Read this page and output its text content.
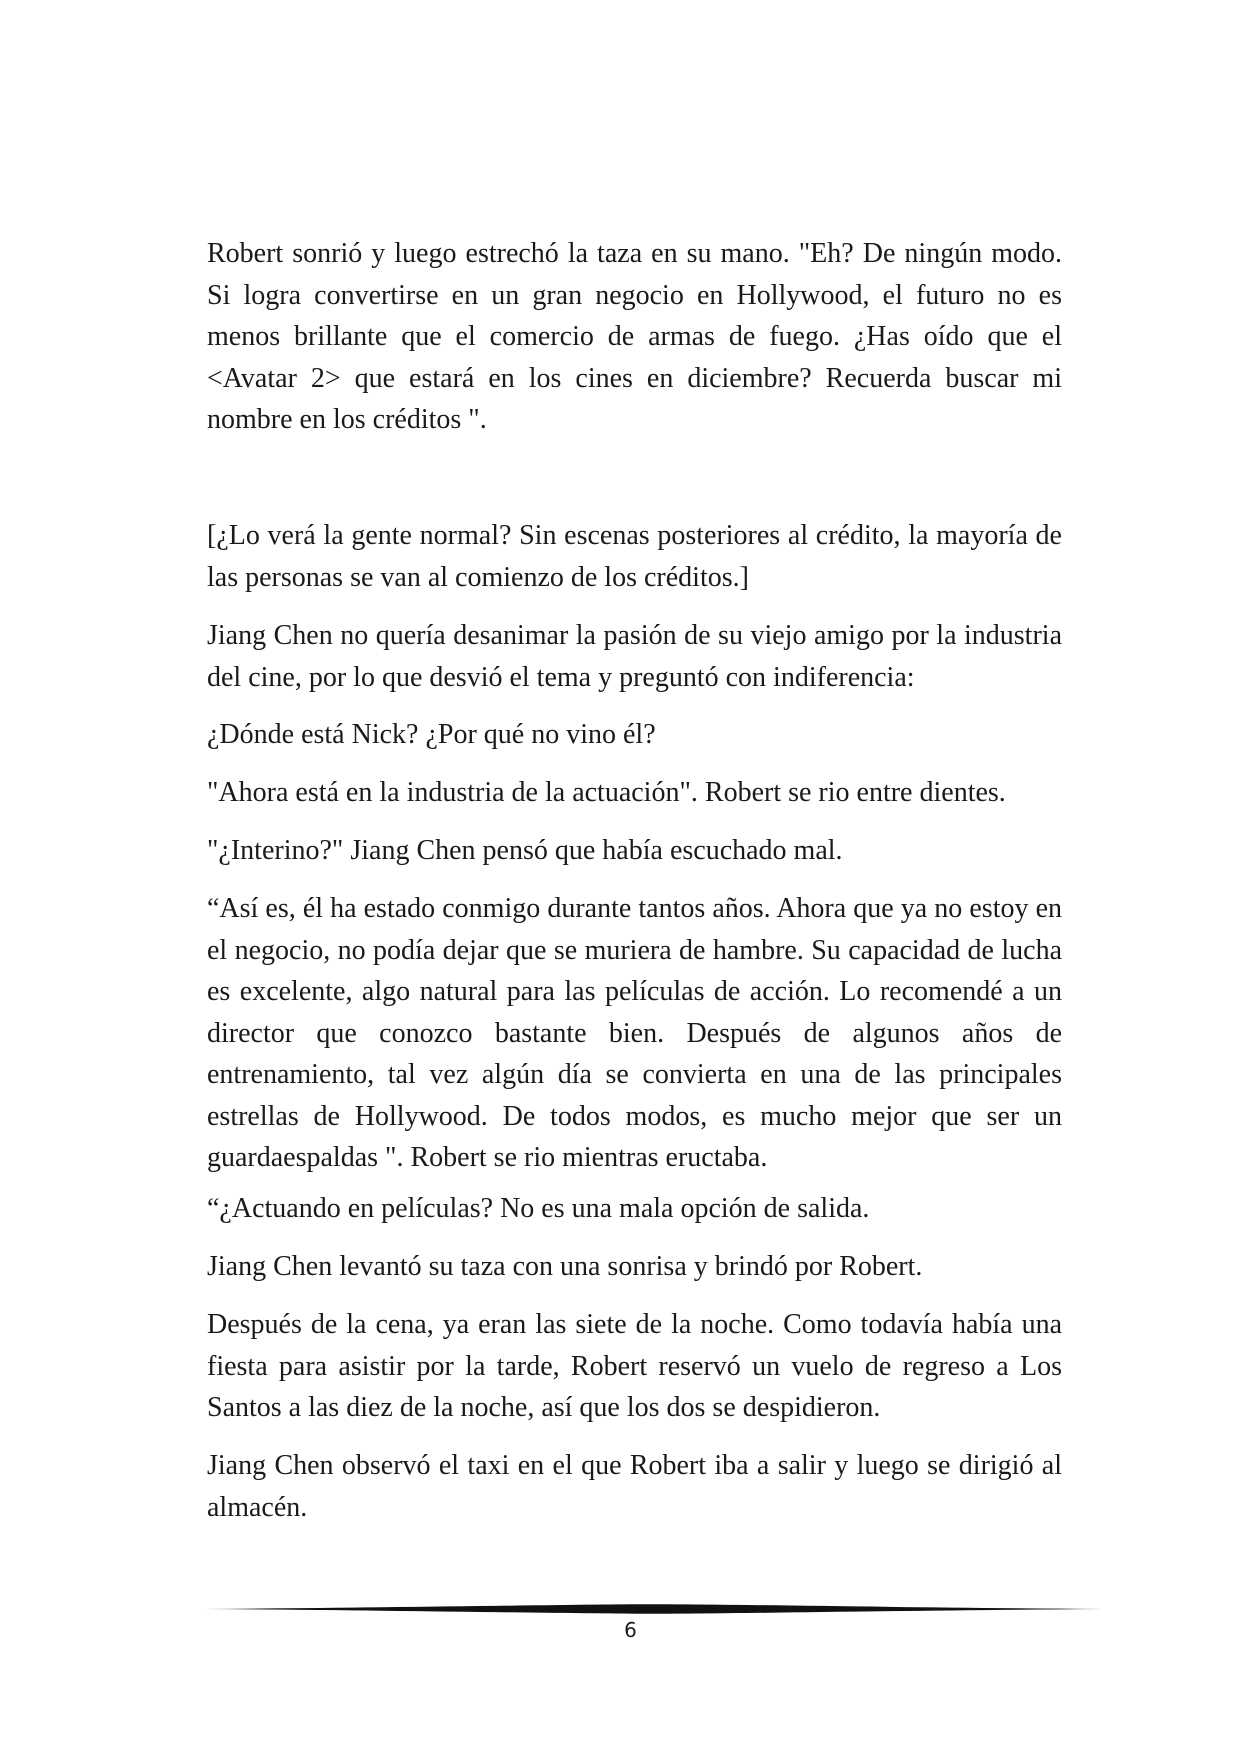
Robert sonrió y luego estrechó la taza en su mano. "Eh? De ningún modo. Si logra convertirse en un gran negocio en Hollywood, el futuro no es menos brillante que el comercio de armas de fuego. ¿Has oído que el <Avatar 2> que estará en los cines en diciembre? Recuerda buscar mi nombre en los créditos ".

[¿Lo verá la gente normal? Sin escenas posteriores al crédito, la mayoría de las personas se van al comienzo de los créditos.]

Jiang Chen no quería desanimar la pasión de su viejo amigo por la industria del cine, por lo que desvió el tema y preguntó con indiferencia:

¿Dónde está Nick? ¿Por qué no vino él?

"Ahora está en la industria de la actuación". Robert se rio entre dientes.

"¿Interino?" Jiang Chen pensó que había escuchado mal.

“Así es, él ha estado conmigo durante tantos años. Ahora que ya no estoy en el negocio, no podía dejar que se muriera de hambre. Su capacidad de lucha es excelente, algo natural para las películas de acción. Lo recomendé a un director que conozco bastante bien. Después de algunos años de entrenamiento, tal vez algún día se convierta en una de las principales estrellas de Hollywood. De todos modos, es mucho mejor que ser un guardaespaldas ". Robert se rio mientras eructaba.

“¿Actuando en películas? No es una mala opción de salida.

Jiang Chen levantó su taza con una sonrisa y brindó por Robert.

Después de la cena, ya eran las siete de la noche. Como todavía había una fiesta para asistir por la tarde, Robert reservó un vuelo de regreso a Los Santos a las diez de la noche, así que los dos se despidieron.

Jiang Chen observó el taxi en el que Robert iba a salir y luego se dirigió al almacén.

6
